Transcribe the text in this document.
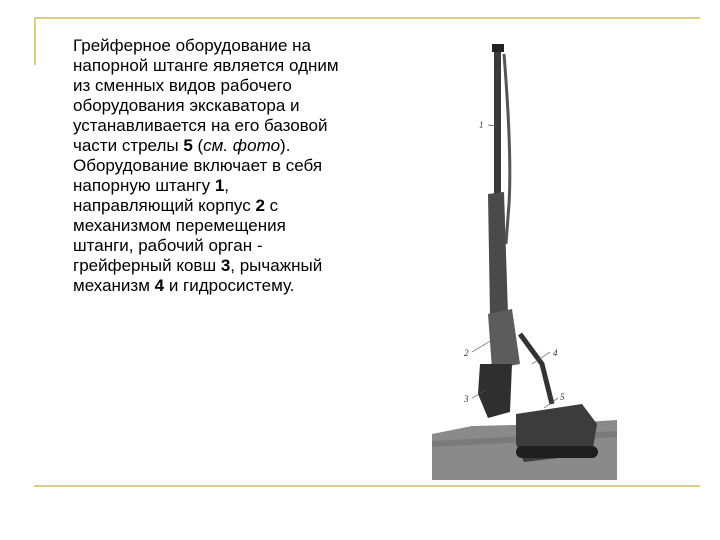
Грейферное оборудование на напорной штанге является одним из сменных видов рабочего оборудования экскаватора и устанавливается на его базовой части стрелы 5 (см. фото). Оборудование включает в себя напорную штангу 1, направляющий корпус 2 с механизмом перемещения штанги, рабочий орган - грейферный ковш 3, рычажный механизм 4 и гидросистему.
1
2
3
4
5
